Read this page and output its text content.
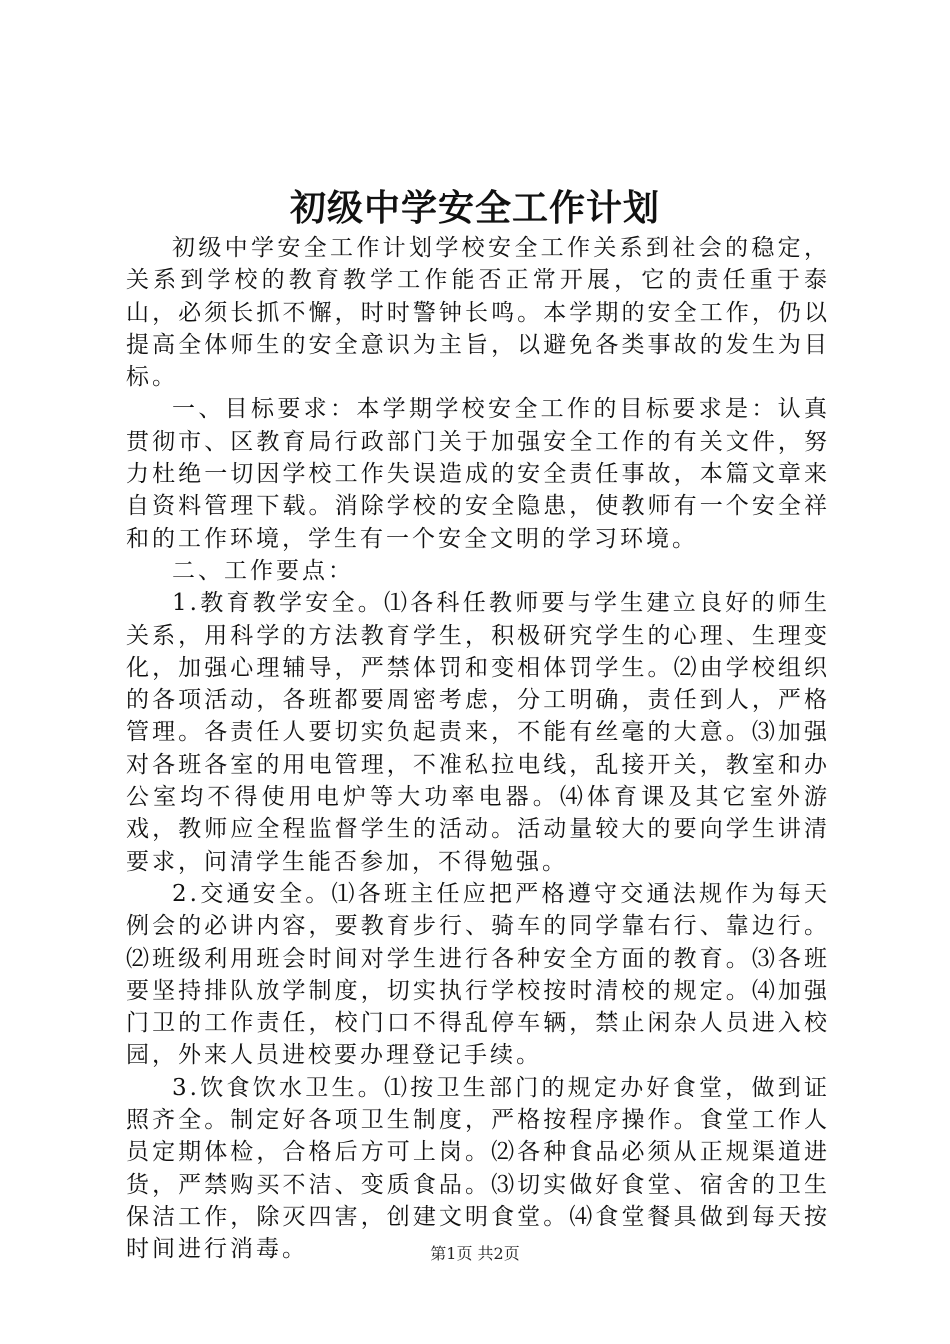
初级中学安全工作计划

初级中学安全工作计划学校安全工作关系到社会的稳定，关系到学校的教育教学工作能否正常开展，它的责任重于泰山，必须长抓不懈，时时警钟长鸣。本学期的安全工作，仍以提高全体师生的安全意识为主旨，以避免各类事故的发生为目标。

一、目标要求：本学期学校安全工作的目标要求是：认真贯彻市、区教育局行政部门关于加强安全工作的有关文件，努力杜绝一切因学校工作失误造成的安全责任事故，本篇文章来自资料管理下载。消除学校的安全隐患，使教师有一个安全祥和的工作环境，学生有一个安全文明的学习环境。

二、工作要点：

1.教育教学安全。⑴各科任教师要与学生建立良好的师生关系，用科学的方法教育学生，积极研究学生的心理、生理变化，加强心理辅导，严禁体罚和变相体罚学生。⑵由学校组织的各项活动，各班都要周密考虑，分工明确，责任到人，严格管理。各责任人要切实负起责来，不能有丝毫的大意。⑶加强对各班各室的用电管理，不准私拉电线，乱接开关，教室和办公室均不得使用电炉等大功率电器。⑷体育课及其它室外游戏，教师应全程监督学生的活动。活动量较大的要向学生讲清要求，问清学生能否参加，不得勉强。

2.交通安全。⑴各班主任应把严格遵守交通法规作为每天例会的必讲内容，要教育步行、骑车的同学靠右行、靠边行。⑵班级利用班会时间对学生进行各种安全方面的教育。⑶各班要坚持排队放学制度，切实执行学校按时清校的规定。⑷加强门卫的工作责任，校门口不得乱停车辆，禁止闲杂人员进入校园，外来人员进校要办理登记手续。

3.饮食饮水卫生。⑴按卫生部门的规定办好食堂，做到证照齐全。制定好各项卫生制度，严格按程序操作。食堂工作人员定期体检，合格后方可上岗。⑵各种食品必须从正规渠道进货，严禁购买不洁、变质食品。⑶切实做好食堂、宿舍的卫生保洁工作，除灭四害，创建文明食堂。⑷食堂餐具做到每天按时间进行消毒。	第1页 共2页
